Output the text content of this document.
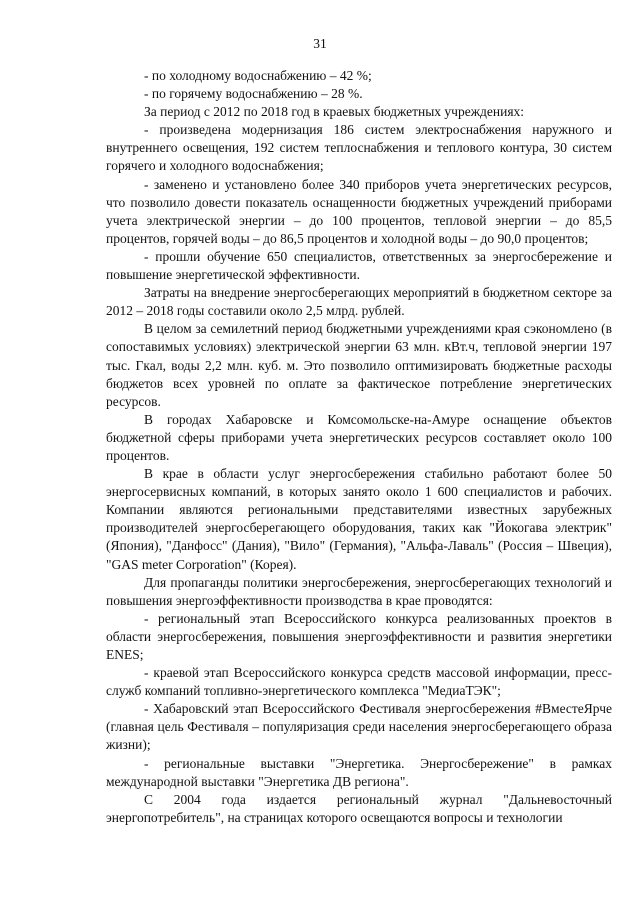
31

- по холодному водоснабжению – 42 %;

- по горячему водоснабжению – 28 %.

За период с 2012 по 2018 год в краевых бюджетных учреждениях:

- произведена модернизация 186 систем электроснабжения наружного и внутреннего освещения, 192 систем теплоснабжения и теплового контура, 30 систем горячего и холодного водоснабжения;

- заменено и установлено более 340 приборов учета энергетических ресурсов, что позволило довести показатель оснащенности бюджетных учреждений приборами учета электрической энергии – до 100 процентов, тепловой энергии – до 85,5 процентов, горячей воды – до 86,5 процентов и холодной воды – до 90,0 процентов;

- прошли обучение 650 специалистов, ответственных за энергосбережение и повышение энергетической эффективности.

Затраты на внедрение энергосберегающих мероприятий в бюджетном секторе за 2012 – 2018 годы составили около 2,5 млрд. рублей.

В целом за семилетний период бюджетными учреждениями края сэкономлено (в сопоставимых условиях) электрической энергии 63 млн. кВт.ч, тепловой энергии 197 тыс. Гкал, воды 2,2 млн. куб. м. Это позволило оптимизировать бюджетные расходы бюджетов всех уровней по оплате за фактическое потребление энергетических ресурсов.

В городах Хабаровске и Комсомольске-на-Амуре оснащение объектов бюджетной сферы приборами учета энергетических ресурсов составляет около 100 процентов.

В крае в области услуг энергосбережения стабильно работают более 50 энергосервисных компаний, в которых занято около 1 600 специалистов и рабочих. Компании являются региональными представителями известных зарубежных производителей энергосберегающего оборудования, таких как "Йокогава электрик" (Япония), "Данфосс" (Дания), "Вило" (Германия), "Альфа-Лаваль" (Россия – Швеция), "GAS meter Corporation" (Корея).

Для пропаганды политики энергосбережения, энергосберегающих технологий и повышения энергоэффективности производства в крае проводятся:

- региональный этап Всероссийского конкурса реализованных проектов в области энергосбережения, повышения энергоэффективности и развития энергетики ENES;

- краевой этап Всероссийского конкурса средств массовой информации, пресс-служб компаний топливно-энергетического комплекса "МедиаТЭК";

- Хабаровский этап Всероссийского Фестиваля энергосбережения #ВместеЯрче (главная цель Фестиваля – популяризация среди населения энергосберегающего образа жизни);

- региональные выставки "Энергетика. Энергосбережение" в рамках международной выставки "Энергетика ДВ региона".

С 2004 года издается региональный журнал "Дальневосточный энергопотребитель", на страницах которого освещаются вопросы и технологии
